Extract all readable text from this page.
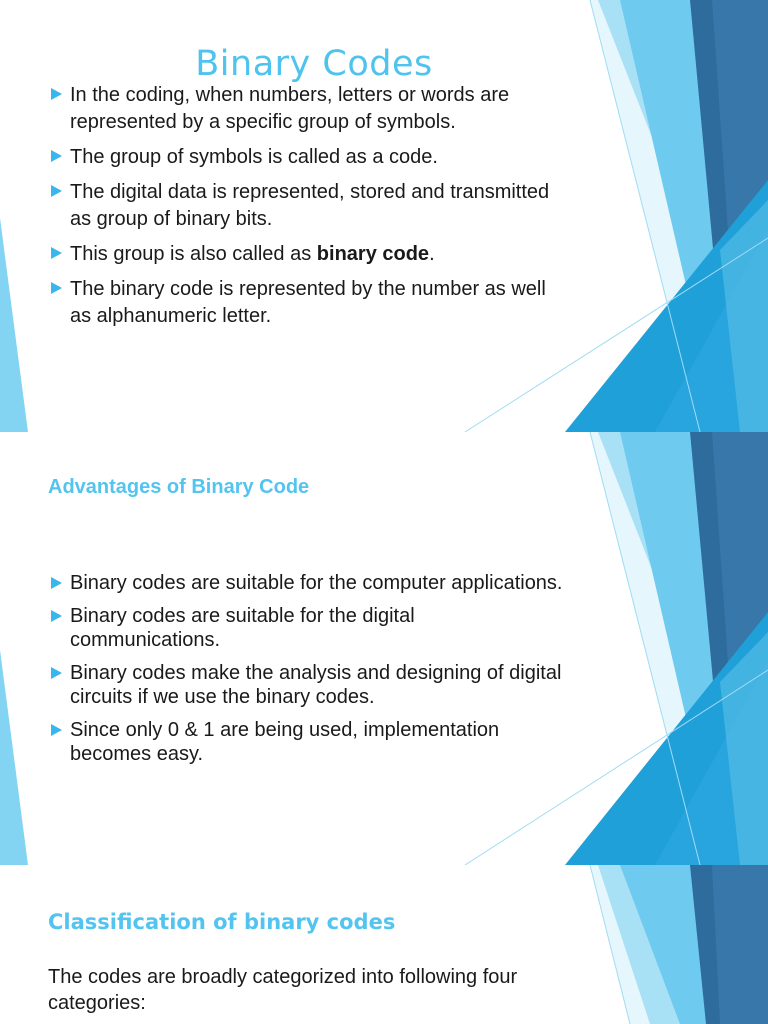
Binary Codes
In the coding, when numbers, letters or words are represented by a specific group of symbols.
The group of symbols is called as a code.
The digital data is represented, stored and transmitted as group of binary bits.
This group is also called as binary code.
The binary code is represented by the number as well as alphanumeric letter.
Advantages of Binary Code
Binary codes are suitable for the computer applications.
Binary codes are suitable for the digital communications.
Binary codes make the analysis and designing of digital circuits if we use the binary codes.
Since only 0 & 1 are being used, implementation becomes easy.
Classification of binary codes

The codes are broadly categorized into following four categories:
